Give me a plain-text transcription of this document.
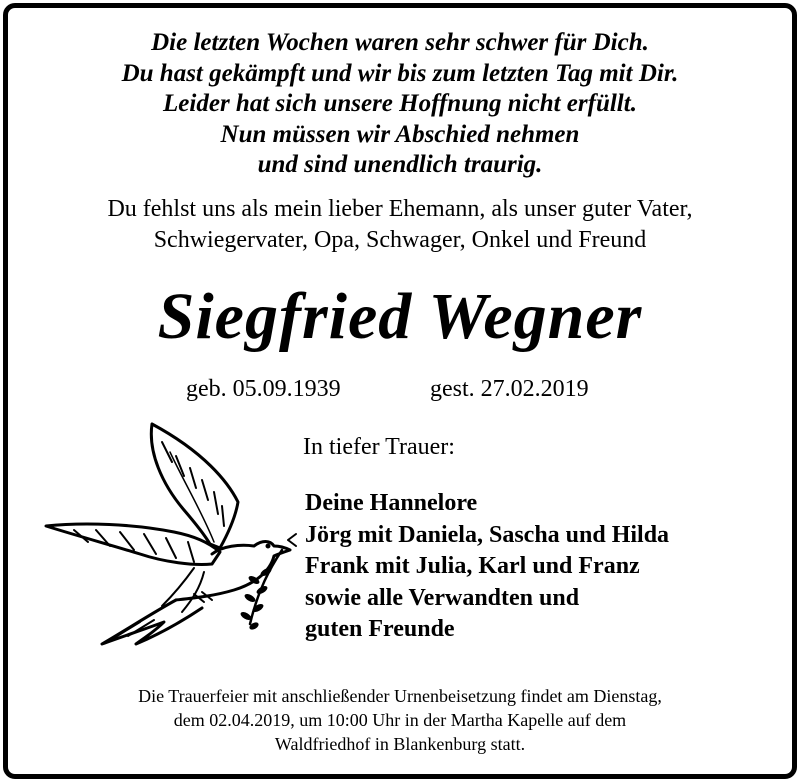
Die letzten Wochen waren sehr schwer für Dich.
Du hast gekämpft und wir bis zum letzten Tag mit Dir.
Leider hat sich unsere Hoffnung nicht erfüllt.
Nun müssen wir Abschied nehmen
und sind unendlich traurig.
Du fehlst uns als mein lieber Ehemann, als unser guter Vater,
Schwiegervater, Opa, Schwager, Onkel und Freund
Siegfried Wegner
geb. 05.09.1939	gest. 27.02.2019
In tiefer Trauer:
Deine Hannelore
Jörg mit Daniela, Sascha und Hilda
Frank mit Julia, Karl und Franz
sowie alle Verwandten und
guten Freunde
Die Trauerfeier mit anschließender Urnenbeisetzung findet am Dienstag,
dem 02.04.2019, um 10:00 Uhr in der Martha Kapelle auf dem
Waldfriedhof in Blankenburg statt.
